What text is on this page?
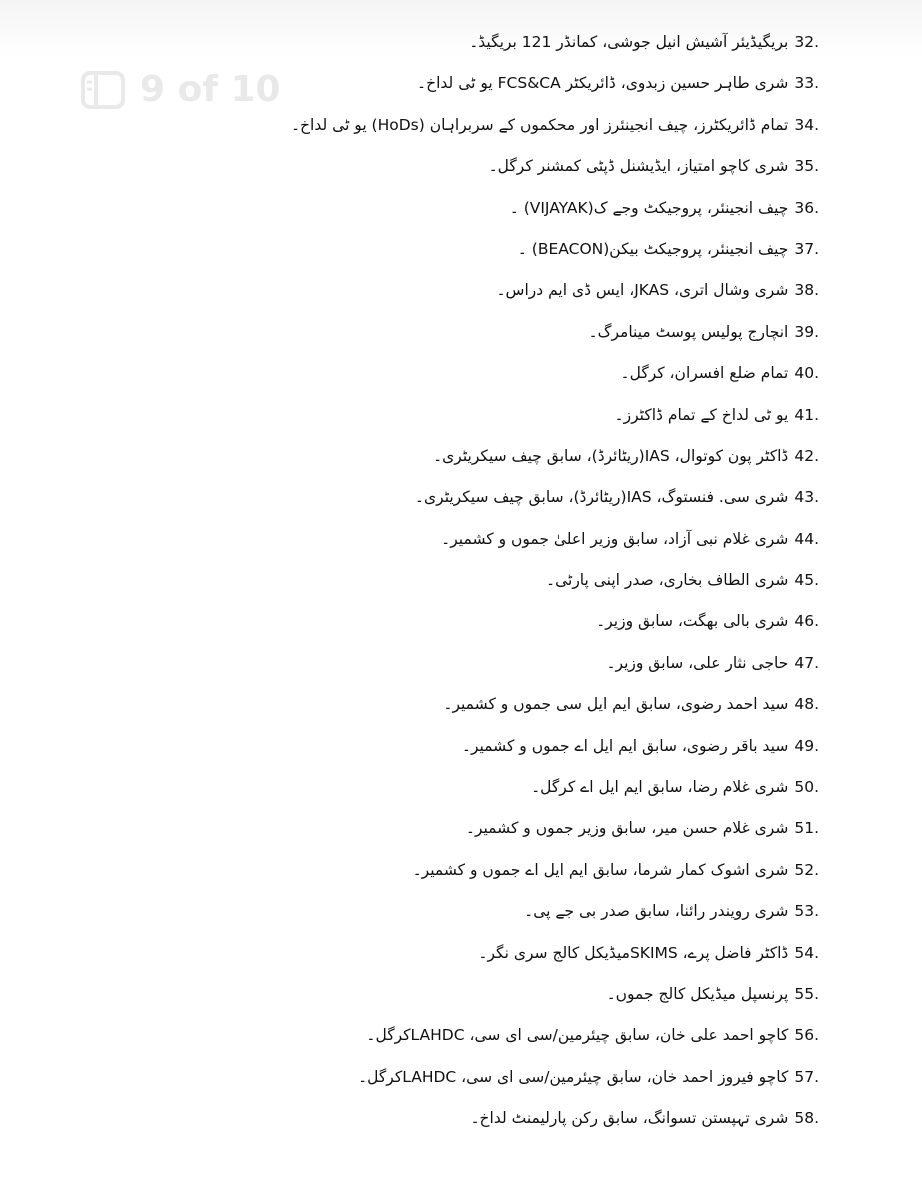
9 of 10
32.بریگیڈیئر آشیش انیل جوشی، کمانڈر 121 بریگیڈ۔
33.شری طاہر حسین زبدوی، ڈائریکٹر FCS&CA یو ٹی لداخ۔
34.تمام ڈائریکٹرز، چیف انجینئرز اور محکموں کے سربراہان (HoDs) یو ٹی لداخ۔
35.شری کاچو امتیاز، ایڈیشنل ڈپٹی کمشنر کرگل۔
36.چیف انجینئر، پروجیکٹ وجے ک(VIJAYAK) ۔
37.چیف انجینئر، پروجیکٹ بیکن(BEACON) ۔
38.شری وشال اتری، JKAS، ایس ڈی ایم دراس۔
39.انچارج پولیس پوسٹ مینامرگ۔
40.تمام ضلع افسران، کرگل۔
41.یو ٹی لداخ کے تمام ڈاکٹرز۔
42.ڈاکٹر پون کوتوال، IAS(ریٹائرڈ)، سابق چیف سیکریٹری۔
43.شری سی. فنستوگ، IAS(ریٹائرڈ)، سابق چیف سیکریٹری۔
44.شری غلام نبی آزاد، سابق وزیر اعلیٰ جموں و کشمیر۔
45.شری الطاف بخاری، صدر اپنی پارٹی۔
46.شری بالی بھگت، سابق وزیر۔
47.حاجی نثار علی، سابق وزیر۔
48.سید احمد رضوی، سابق ایم ایل سی جموں و کشمیر۔
49.سید باقر رضوی، سابق ایم ایل اے جموں و کشمیر۔
50.شری غلام رضا، سابق ایم ایل اے کرگل۔
51.شری غلام حسن میر، سابق وزیر جموں و کشمیر۔
52.شری اشوک کمار شرما، سابق ایم ایل اے جموں و کشمیر۔
53.شری رویندر رائنا، سابق صدر بی جے پی۔
54.ڈاکٹر فاضل پرے، SKIMSمیڈیکل کالج سری نگر۔
55.پرنسپل میڈیکل کالج جموں۔
56.کاچو احمد علی خان، سابق چیئرمین/سی ای سی، LAHDCکرگل۔
57.کاچو فیروز احمد خان، سابق چیئرمین/سی ای سی، LAHDCکرگل۔
58.شری تہپستن تسوانگ، سابق رکن پارلیمنٹ لداخ۔
